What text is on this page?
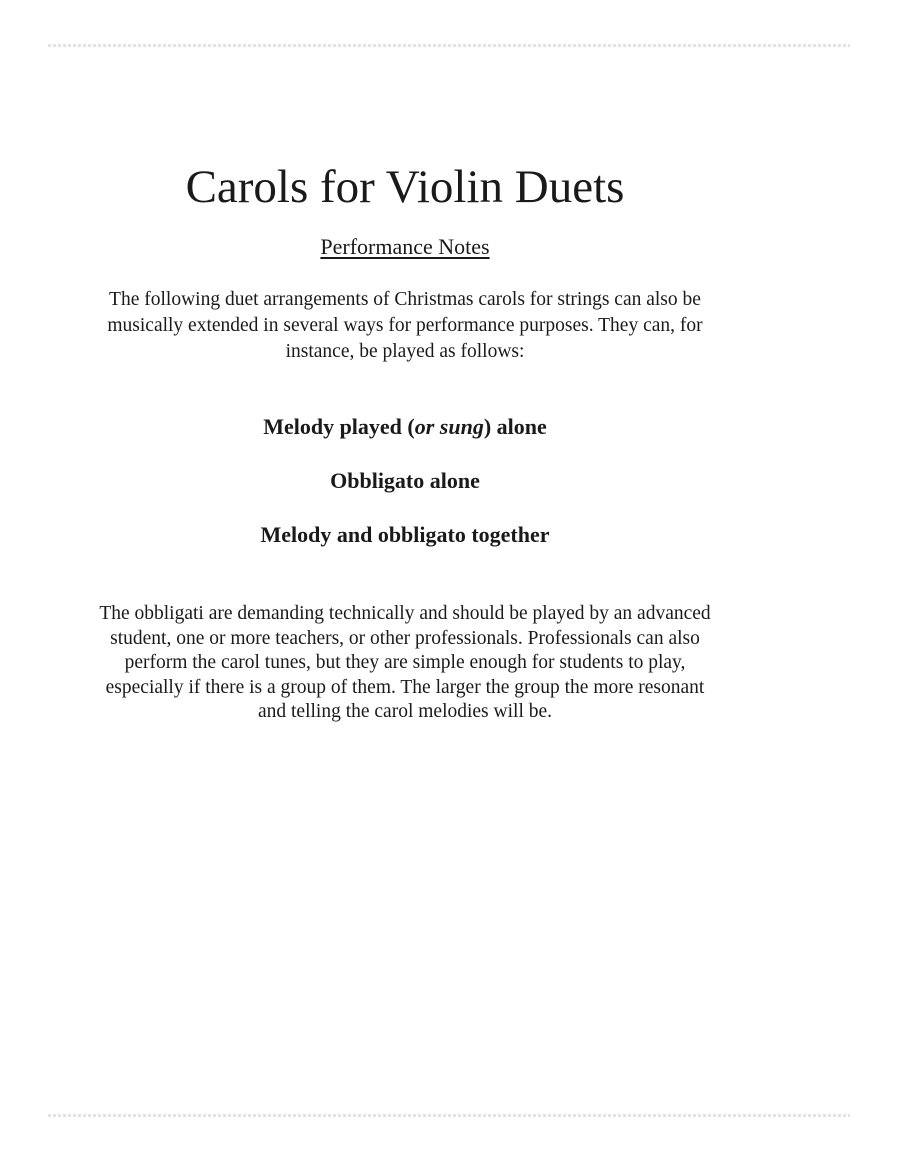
Carols for Violin Duets
Performance Notes

The following duet arrangements of Christmas carols for strings can also be musically extended in several ways for performance purposes. They can, for instance, be played as follows:

Melody played (or sung) alone
Obbligato alone
Melody and obbligato together

The obbligati are demanding technically and should be played by an advanced student, one or more teachers, or other professionals. Professionals can also perform the carol tunes, but they are simple enough for students to play, especially if there is a group of them. The larger the group the more resonant and telling the carol melodies will be.
